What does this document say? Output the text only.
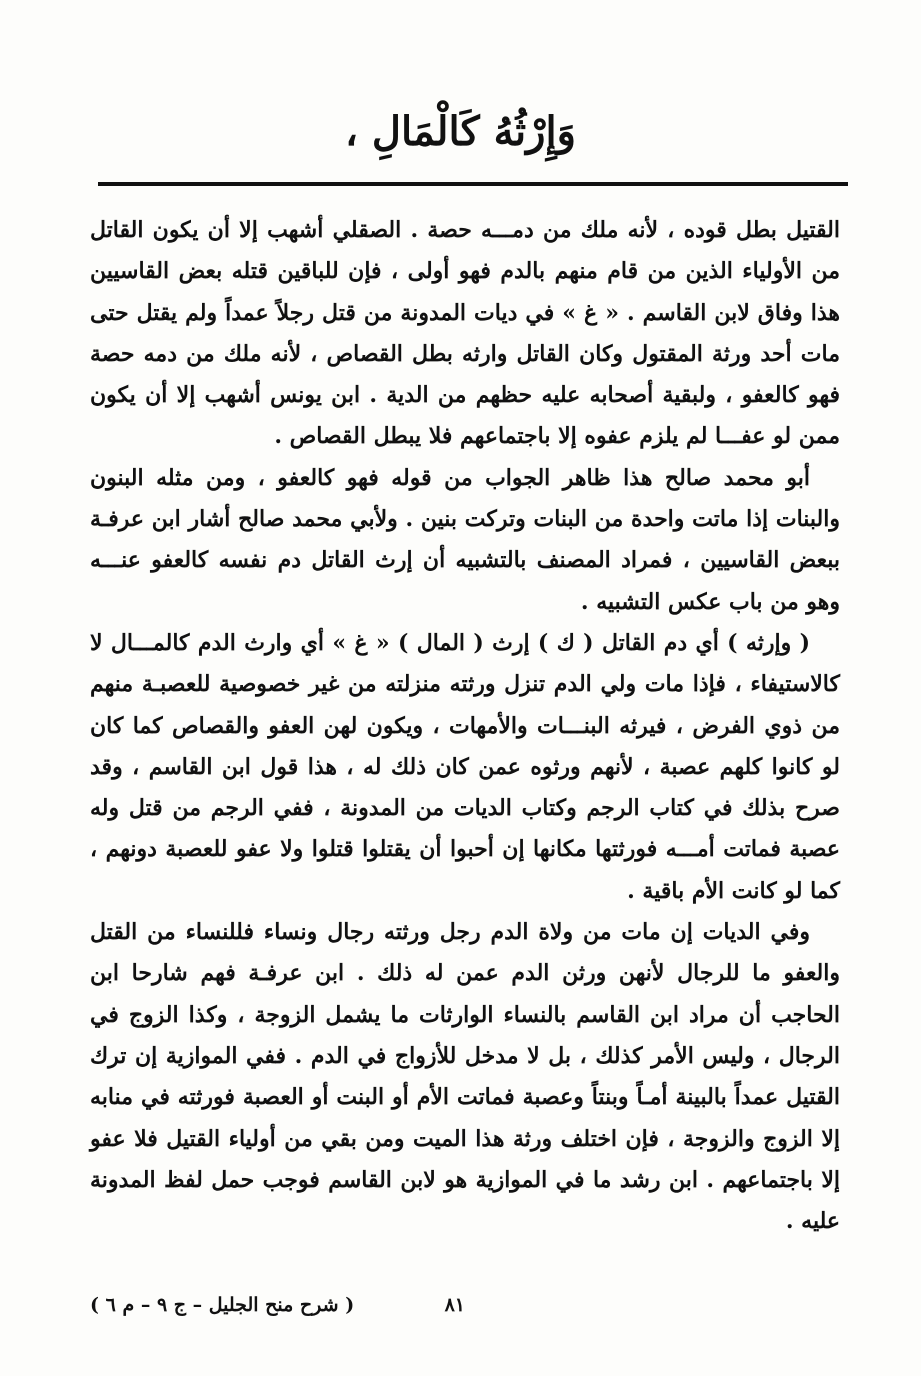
وَإِرْثُهُ كَالْمَالِ ،

القتيل بطل قوده ، لأنه ملك من دمـــه حصة . الصقلي أشهب إلا أن يكون القاتل من الأولياء الذين من قام منهم بالدم فهو أولى ، فإن للباقين قتله بعض القاسيين هذا وفاق لابن القاسم . « غ » في ديات المدونة من قتل رجلاً عمداً ولم يقتل حتى مات أحد ورثة المقتول وكان القاتل وارثه بطل القصاص ، لأنه ملك من دمه حصة فهو كالعفو ، ولبقية أصحابه عليه حظهم من الدية . ابن يونس أشهب إلا أن يكون ممن لو عفـــا لم يلزم عفوه إلا باجتماعهم فلا يبطل القصاص .

أبو محمد صالح هذا ظاهر الجواب من قوله فهو كالعفو ، ومن مثله البنون والبنات إذا ماتت واحدة من البنات وتركت بنين . ولأبي محمد صالح أشار ابن عرفـة ببعض القاسيين ، فمراد المصنف بالتشبيه أن إرث القاتل دم نفسه كالعفو عنـــه وهو من باب عكس التشبيه .

( وإرثه ) أي دم القاتل ( ك ) إرث ( المال ) « غ » أي وارث الدم كالمـــال لا كالاستيفاء ، فإذا مات ولي الدم تنزل ورثته منزلته من غير خصوصية للعصبـة منهم من ذوي الفرض ، فيرثه البنـــات والأمهات ، ويكون لهن العفو والقصاص كما كان لو كانوا كلهم عصبة ، لأنهم ورثوه عمن كان ذلك له ، هذا قول ابن القاسم ، وقد صرح بذلك في كتاب الرجم وكتاب الديات من المدونة ، ففي الرجم من قتل وله عصبة فماتت أمـــه فورثتها مكانها إن أحبوا أن يقتلوا قتلوا ولا عفو للعصبة دونهم ، كما لو كانت الأم باقية .

وفي الديات إن مات من ولاة الدم رجل ورثته رجال ونساء فللنساء من القتل والعفو ما للرجال لأنهن ورثن الدم عمن له ذلك . ابن عرفـة فهم شارحا ابن الحاجب أن مراد ابن القاسم بالنساء الوارثات ما يشمل الزوجة ، وكذا الزوج في الرجال ، وليس الأمر كذلك ، بل لا مدخل للأزواج في الدم . ففي الموازية إن ترك القتيل عمداً بالبينة أمـاً وبنتاً وعصبة فماتت الأم أو البنت أو العصبة فورثته في منابه إلا الزوج والزوجة ، فإن اختلف ورثة هذا الميت ومن بقي من أولياء القتيل فلا عفو إلا باجتماعهم . ابن رشد ما في الموازية هو لابن القاسم فوجب حمل لفظ المدونة عليه .

٨١
( شرح منح الجليل – ج ٩ – م ٦ )
